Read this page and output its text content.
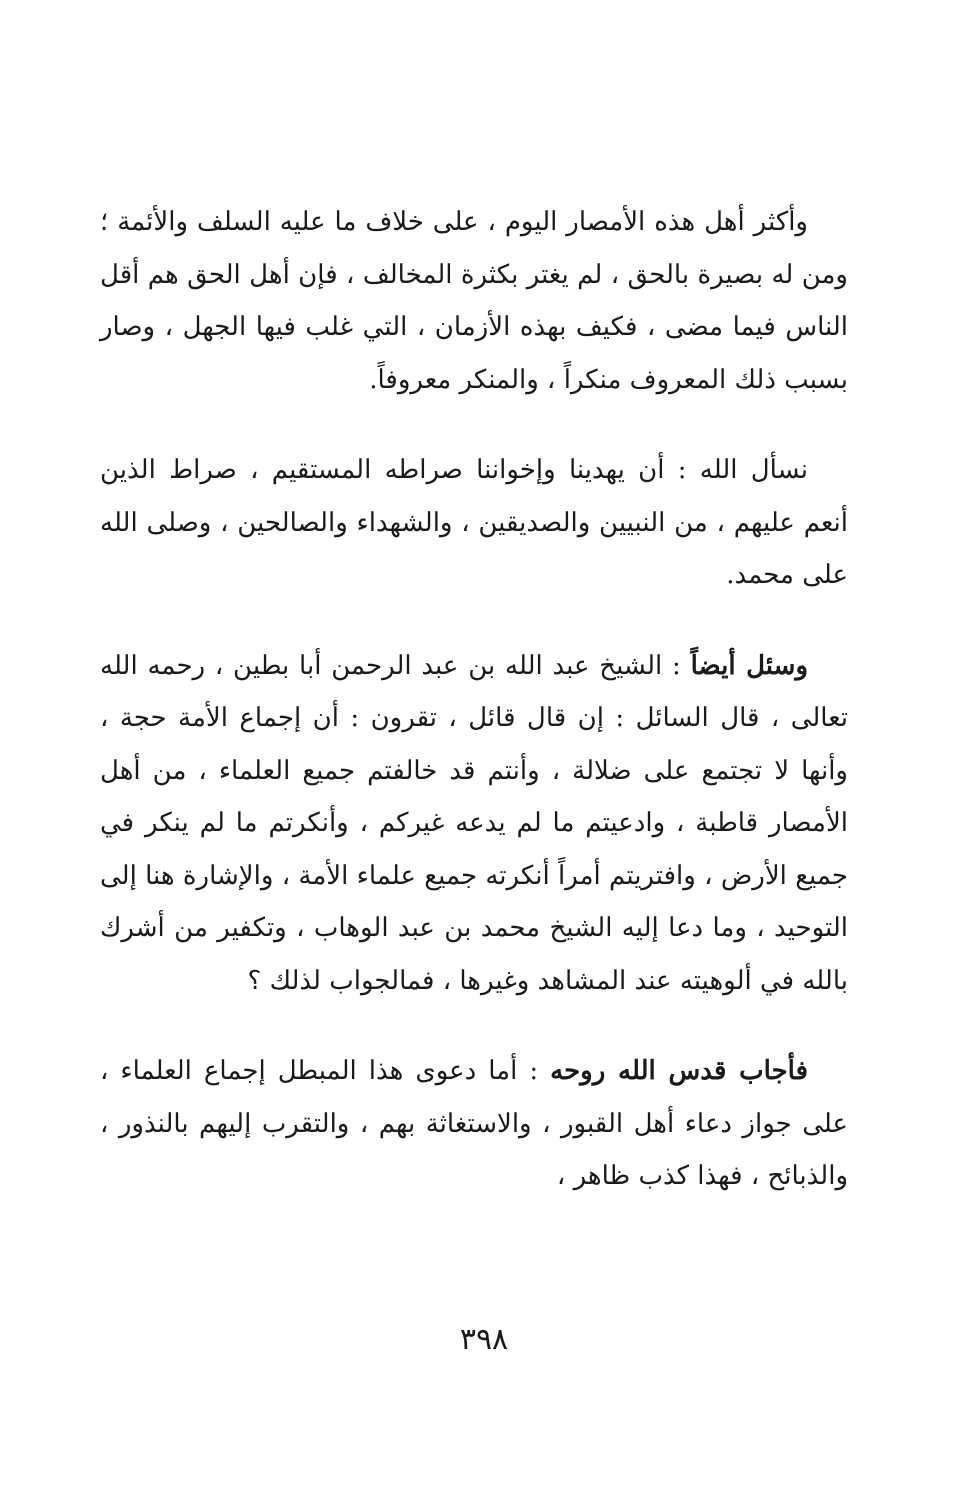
وأكثر أهل هذه الأمصار اليوم ، على خلاف ما عليه السلف والأئمة ؛ ومن له بصيرة بالحق ، لم يغتر بكثرة المخالف ، فإن أهل الحق هم أقل الناس فيما مضى ، فكيف بهذه الأزمان ، التي غلب فيها الجهل ، وصار بسبب ذلك المعروف منكراً ، والمنكر معروفاً.

نسأل الله : أن يهدينا وإخواننا صراطه المستقيم ، صراط الذين أنعم عليهم ، من النبيين والصديقين ، والشهداء والصالحين ، وصلى الله على محمد.

وسئل أيضاً : الشيخ عبد الله بن عبد الرحمن أبا بطين ، رحمه الله تعالى ، قال السائل : إن قال قائل ، تقرون : أن إجماع الأمة حجة ، وأنها لا تجتمع على ضلالة ، وأنتم قد خالفتم جميع العلماء ، من أهل الأمصار قاطبة ، وادعيتم ما لم يدعه غيركم ، وأنكرتم ما لم ينكر في جميع الأرض ، وافتريتم أمراً أنكرته جميع علماء الأمة ، والإشارة هنا إلى التوحيد ، وما دعا إليه الشيخ محمد بن عبد الوهاب ، وتكفير من أشرك بالله في ألوهيته عند المشاهد وغيرها ، فمالجواب لذلك ؟

فأجاب قدس الله روحه : أما دعوى هذا المبطل إجماع العلماء ، على جواز دعاء أهل القبور ، والاستغاثة بهم ، والتقرب إليهم بالنذور ، والذبائح ، فهذا كذب ظاهر ،

٣٩٨
